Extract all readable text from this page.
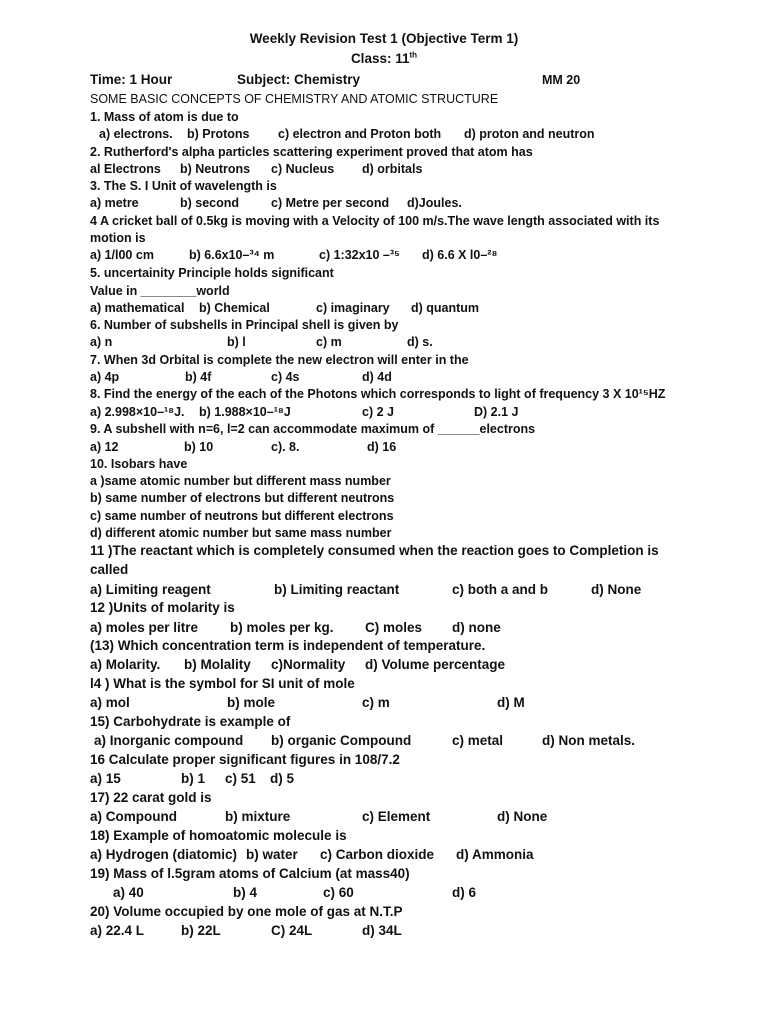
Weekly Revision Test 1 (Objective Term 1)
Class: 11th
Time: 1 Hour	Subject: Chemistry	MM 20
SOME BASIC CONCEPTS OF CHEMISTRY AND ATOMIC STRUCTURE
1. Mass of atom is due to
a) electrons. b) Protons c) electron and Proton both d) proton and neutron
2. Rutherford's alpha particles scattering experiment proved that atom has
al Electrons b) Neutrons c) Nucleus d) orbitals
3. The S. I Unit of wavelength is
a) metre	b) second	c) Metre per second d)Joules.
4 A cricket ball of 0.5kg is moving with a Velocity of 100 m/s.The wave length associated with its
motion is
a) 1/l00 cm	b) 6.6x10–³⁴ m	c) 1:32x10 –³⁵ d) 6.6 X l0–²⁸
5. uncertainity Principle holds significant
Value in ________world
a) mathematical b) Chemical	c) imaginary d) quantum
6. Number of subshells in Principal shell is given by
a) n	b) l	c) m	d) s.
7. When 3d Orbital is complete the new electron will enter in the
a) 4p	b) 4f	c) 4s	d) 4d
8. Find the energy of the each of the Photons which corresponds to light of frequency 3 X 10¹⁵HZ
a) 2.998×10–¹⁸J. b) 1.988×10–¹⁸J	c) 2 J	D) 2.1 J
9. A subshell with n=6, l=2 can accommodate maximum of ______electrons
a) 12	b) 10	c). 8.	d) 16
10. Isobars have
a )same atomic number but different mass number
b) same number of electrons but different neutrons
c) same number of neutrons but different electrons
d) different atomic number but same mass number
11 )The reactant which is completely consumed when the reaction goes to Completion is
called
a) Limiting reagent	b) Limiting reactant	c) both a and b	d) None
12 )Units of molarity is
a) moles per litre b) moles per kg. C) moles d) none
(13) Which concentration term is independent of temperature.
a) Molarity. b) Molality c)Normality d) Volume percentage
l4 ) What is the symbol for SI unit of mole
a) mol	b) mole	c) m	d) M
15) Carbohydrate is example of
a) Inorganic compound b) organic Compound	c) metal	d) Non metals.
16 Calculate proper significant figures in 108/7.2
a) 15	b) 1 c) 51 d) 5
17) 22 carat gold is
a) Compound	b) mixture	c) Element	d) None
18) Example of homoatomic molecule is
a) Hydrogen (diatomic) b) water c) Carbon dioxide d) Ammonia
19) Mass of l.5gram atoms of Calcium (at mass40)
a) 40	b) 4	c) 60	d) 6
20) Volume occupied by one mole of gas at N.T.P
a) 22.4 L	b) 22L	C) 24L	d) 34L
